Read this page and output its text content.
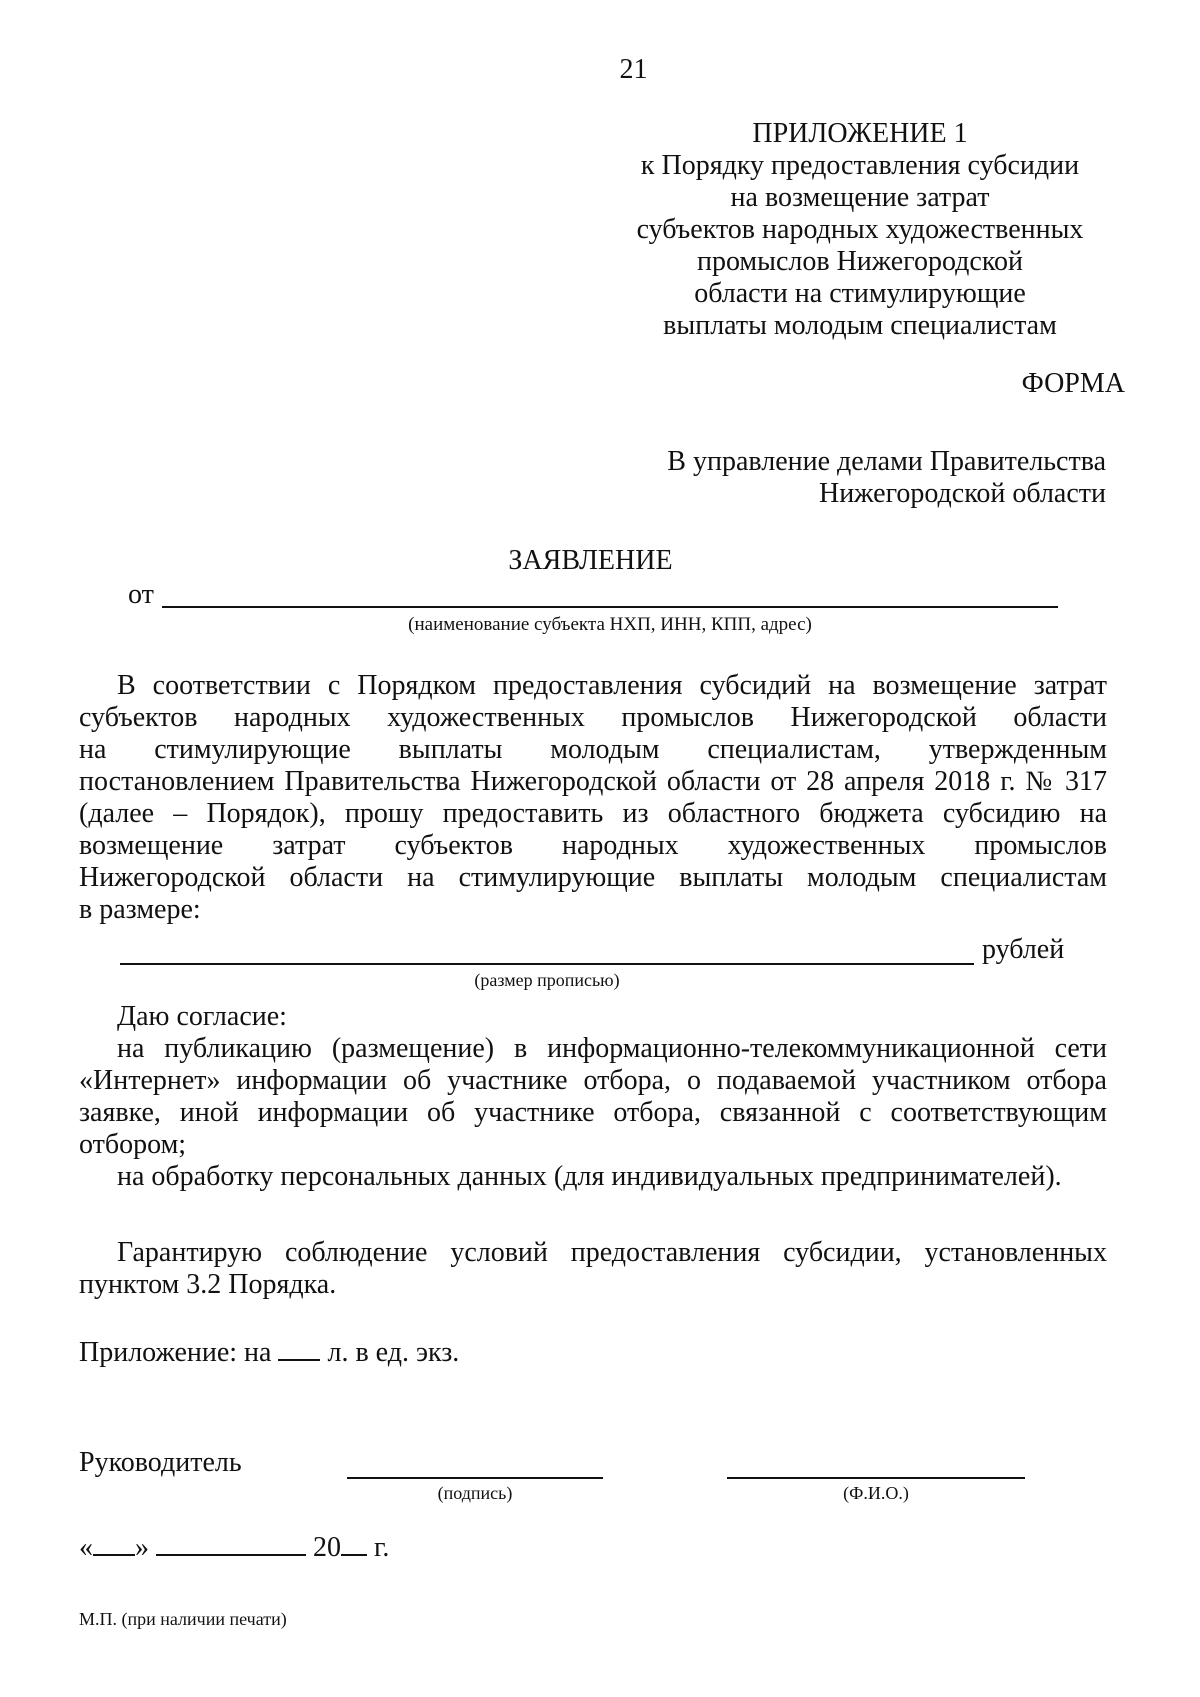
21
ПРИЛОЖЕНИЕ 1
к Порядку предоставления субсидии
на возмещение затрат
субъектов народных художественных
промыслов Нижегородской
области на стимулирующие
выплаты молодым специалистам
ФОРМА
В управление делами Правительства
Нижегородской области
ЗАЯВЛЕНИЕ
от
(наименование субъекта НХП, ИНН, КПП, адрес)
В соответствии с Порядком предоставления субсидий на возмещение затрат
субъектов народных художественных промыслов Нижегородской области
на стимулирующие выплаты молодым специалистам, утвержденным
постановлением Правительства Нижегородской области от 28 апреля 2018 г. № 317
(далее – Порядок), прошу предоставить из областного бюджета субсидию на
возмещение затрат субъектов народных художественных промыслов
Нижегородской области на стимулирующие выплаты молодым специалистам
в размере:
рублей
(размер прописью)
Даю согласие:
на публикацию (размещение) в информационно-телекоммуникационной сети
«Интернет» информации об участнике отбора, о подаваемой участником отбора
заявке, иной информации об участнике отбора, связанной с соответствующим
отбором;
на обработку персональных данных (для индивидуальных предпринимателей).
Гарантирую соблюдение условий предоставления субсидии, установленных
пунктом 3.2 Порядка.
Приложение: на л. в ед. экз.
Руководитель
(подпись)	(Ф.И.О.)
« »	20 г.
М.П. (при наличии печати)
